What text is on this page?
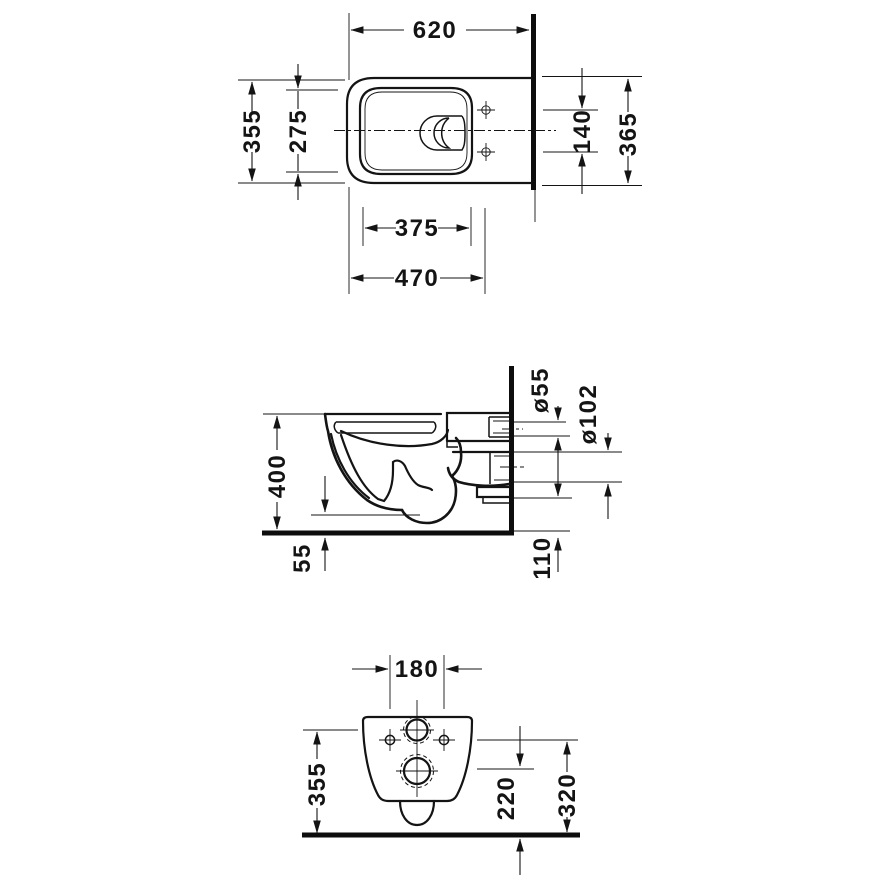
620
355 275	140 365
375
470
400
55
ø55 ø102
110
180
355	220 320
